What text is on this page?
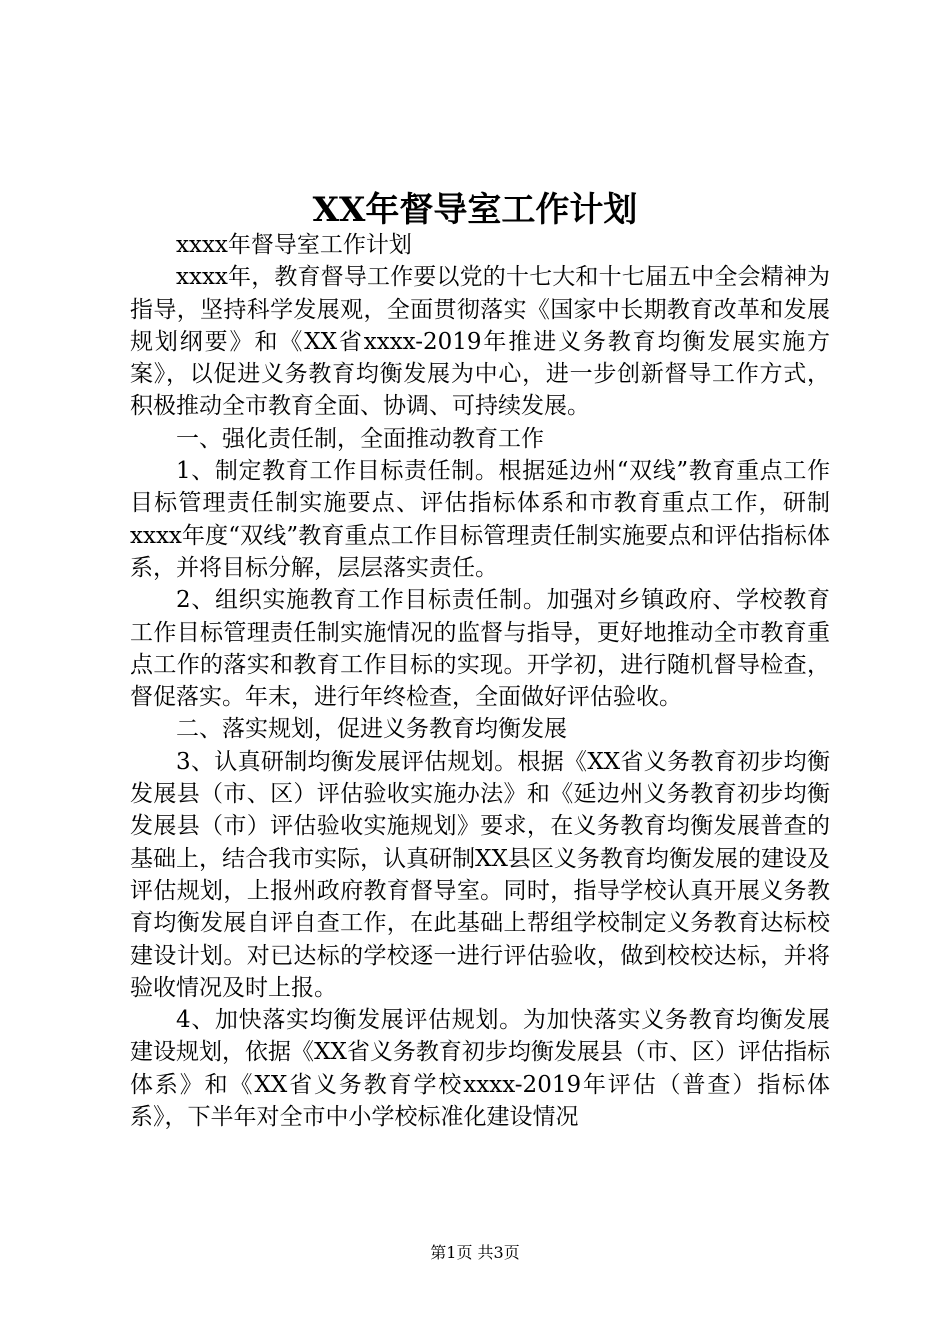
XX年督导室工作计划

xxxx年督导室工作计划

xxxx年，教育督导工作要以党的十七大和十七届五中全会精神为指导，坚持科学发展观，全面贯彻落实《国家中长期教育改革和发展规划纲要》和《XX省xxxx-2019年推进义务教育均衡发展实施方案》，以促进义务教育均衡发展为中心，进一步创新督导工作方式，积极推动全市教育全面、协调、可持续发展。

一、强化责任制，全面推动教育工作

1、制定教育工作目标责任制。根据延边州“双线”教育重点工作目标管理责任制实施要点、评估指标体系和市教育重点工作，研制xxxx年度“双线”教育重点工作目标管理责任制实施要点和评估指标体系，并将目标分解，层层落实责任。

2、组织实施教育工作目标责任制。加强对乡镇政府、学校教育工作目标管理责任制实施情况的监督与指导，更好地推动全市教育重点工作的落实和教育工作目标的实现。开学初，进行随机督导检查，督促落实。年末，进行年终检查，全面做好评估验收。

二、落实规划，促进义务教育均衡发展

3、认真研制均衡发展评估规划。根据《XX省义务教育初步均衡发展县（市、区）评估验收实施办法》和《延边州义务教育初步均衡发展县（市）评估验收实施规划》要求，在义务教育均衡发展普查的基础上，结合我市实际，认真研制XX县区义务教育均衡发展的建设及评估规划，上报州政府教育督导室。同时，指导学校认真开展义务教育均衡发展自评自查工作，在此基础上帮组学校制定义务教育达标校建设计划。对已达标的学校逐一进行评估验收，做到校校达标，并将验收情况及时上报。

4、加快落实均衡发展评估规划。为加快落实义务教育均衡发展建设规划，依据《XX省义务教育初步均衡发展县（市、区）评估指标体系》和《XX省义务教育学校xxxx-2019年评估（普查）指标体系》，下半年对全市中小学校标准化建设情况

第1页 共3页
